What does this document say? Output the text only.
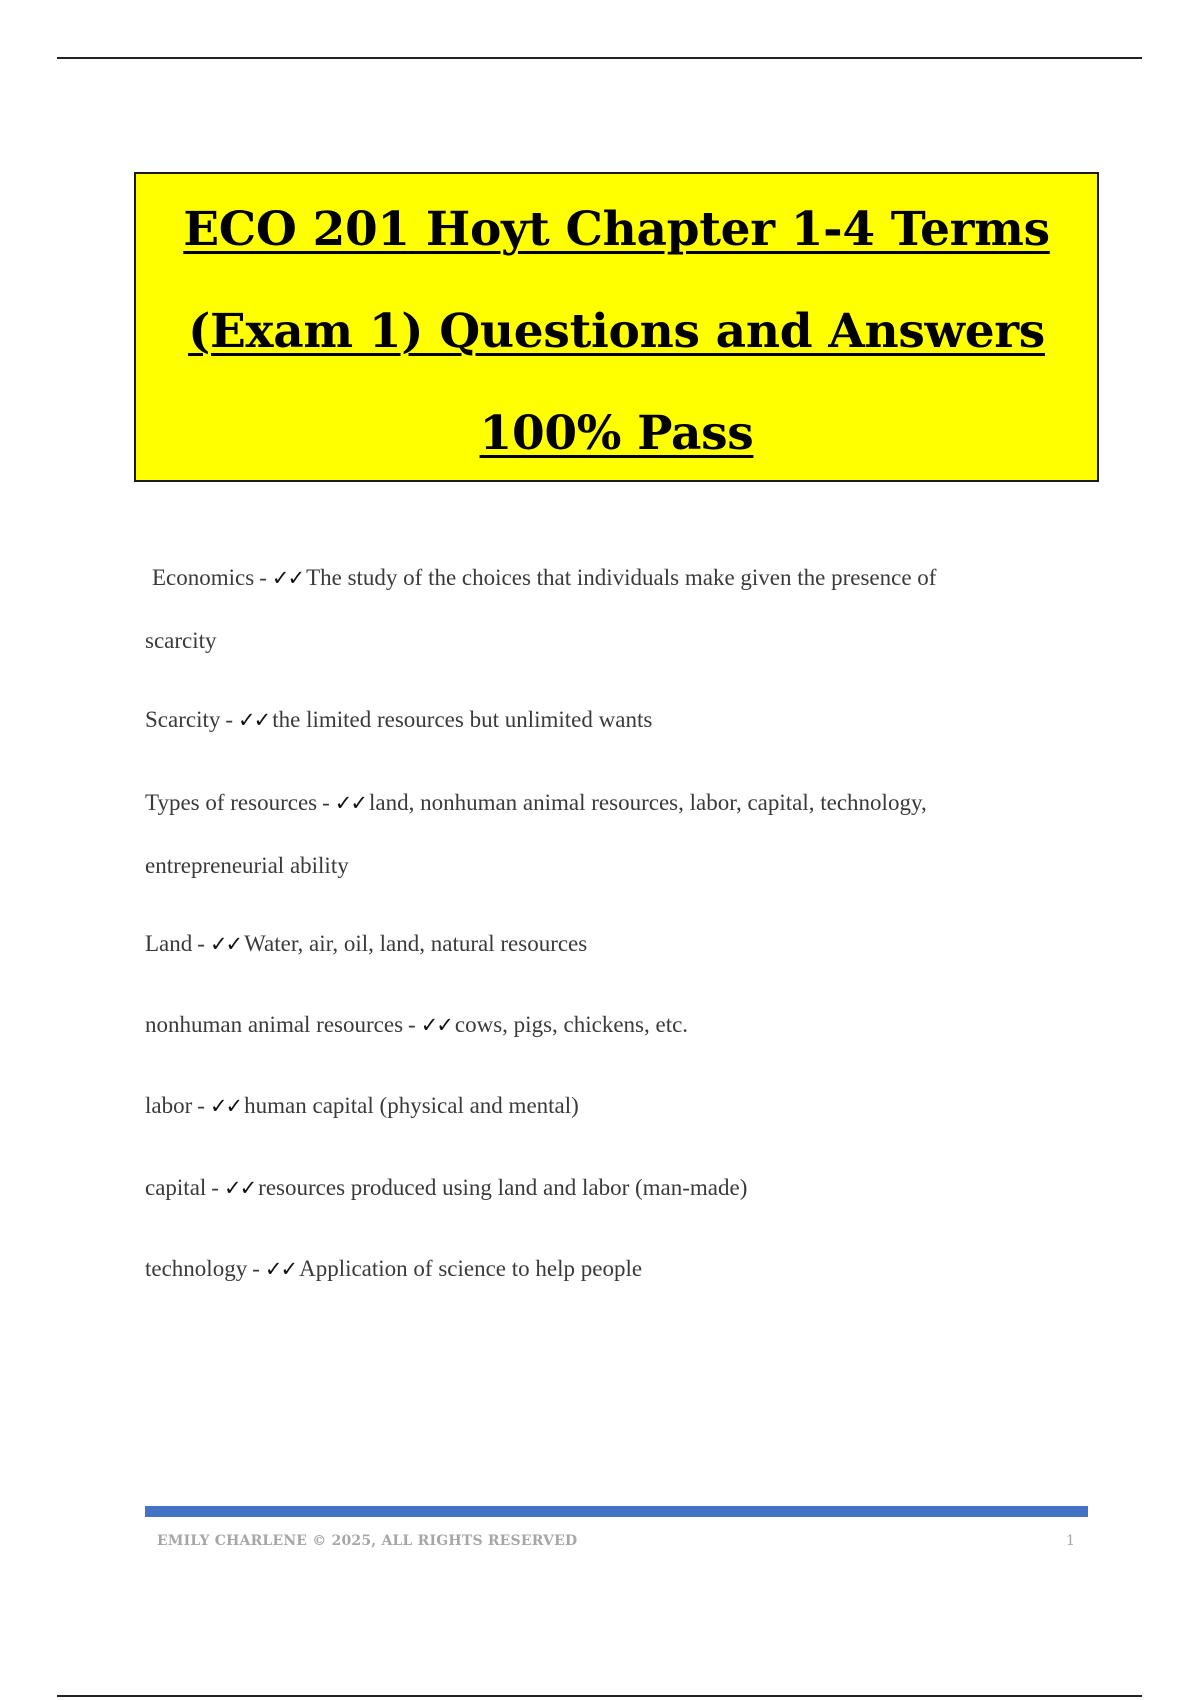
ECO 201 Hoyt Chapter 1-4 Terms
(Exam 1) Questions and Answers
100% Pass
Economics - ✓✓ The study of the choices that individuals make given the presence of
scarcity
Scarcity - ✓✓ the limited resources but unlimited wants
Types of resources - ✓✓ land, nonhuman animal resources, labor, capital, technology,
entrepreneurial ability
Land - ✓✓ Water, air, oil, land, natural resources
nonhuman animal resources - ✓✓ cows, pigs, chickens, etc.
labor - ✓✓ human capital (physical and mental)
capital - ✓✓ resources produced using land and labor (man-made)
technology - ✓✓ Application of science to help people
EMILY CHARLENE © 2025, ALL RIGHTS RESERVED	1
